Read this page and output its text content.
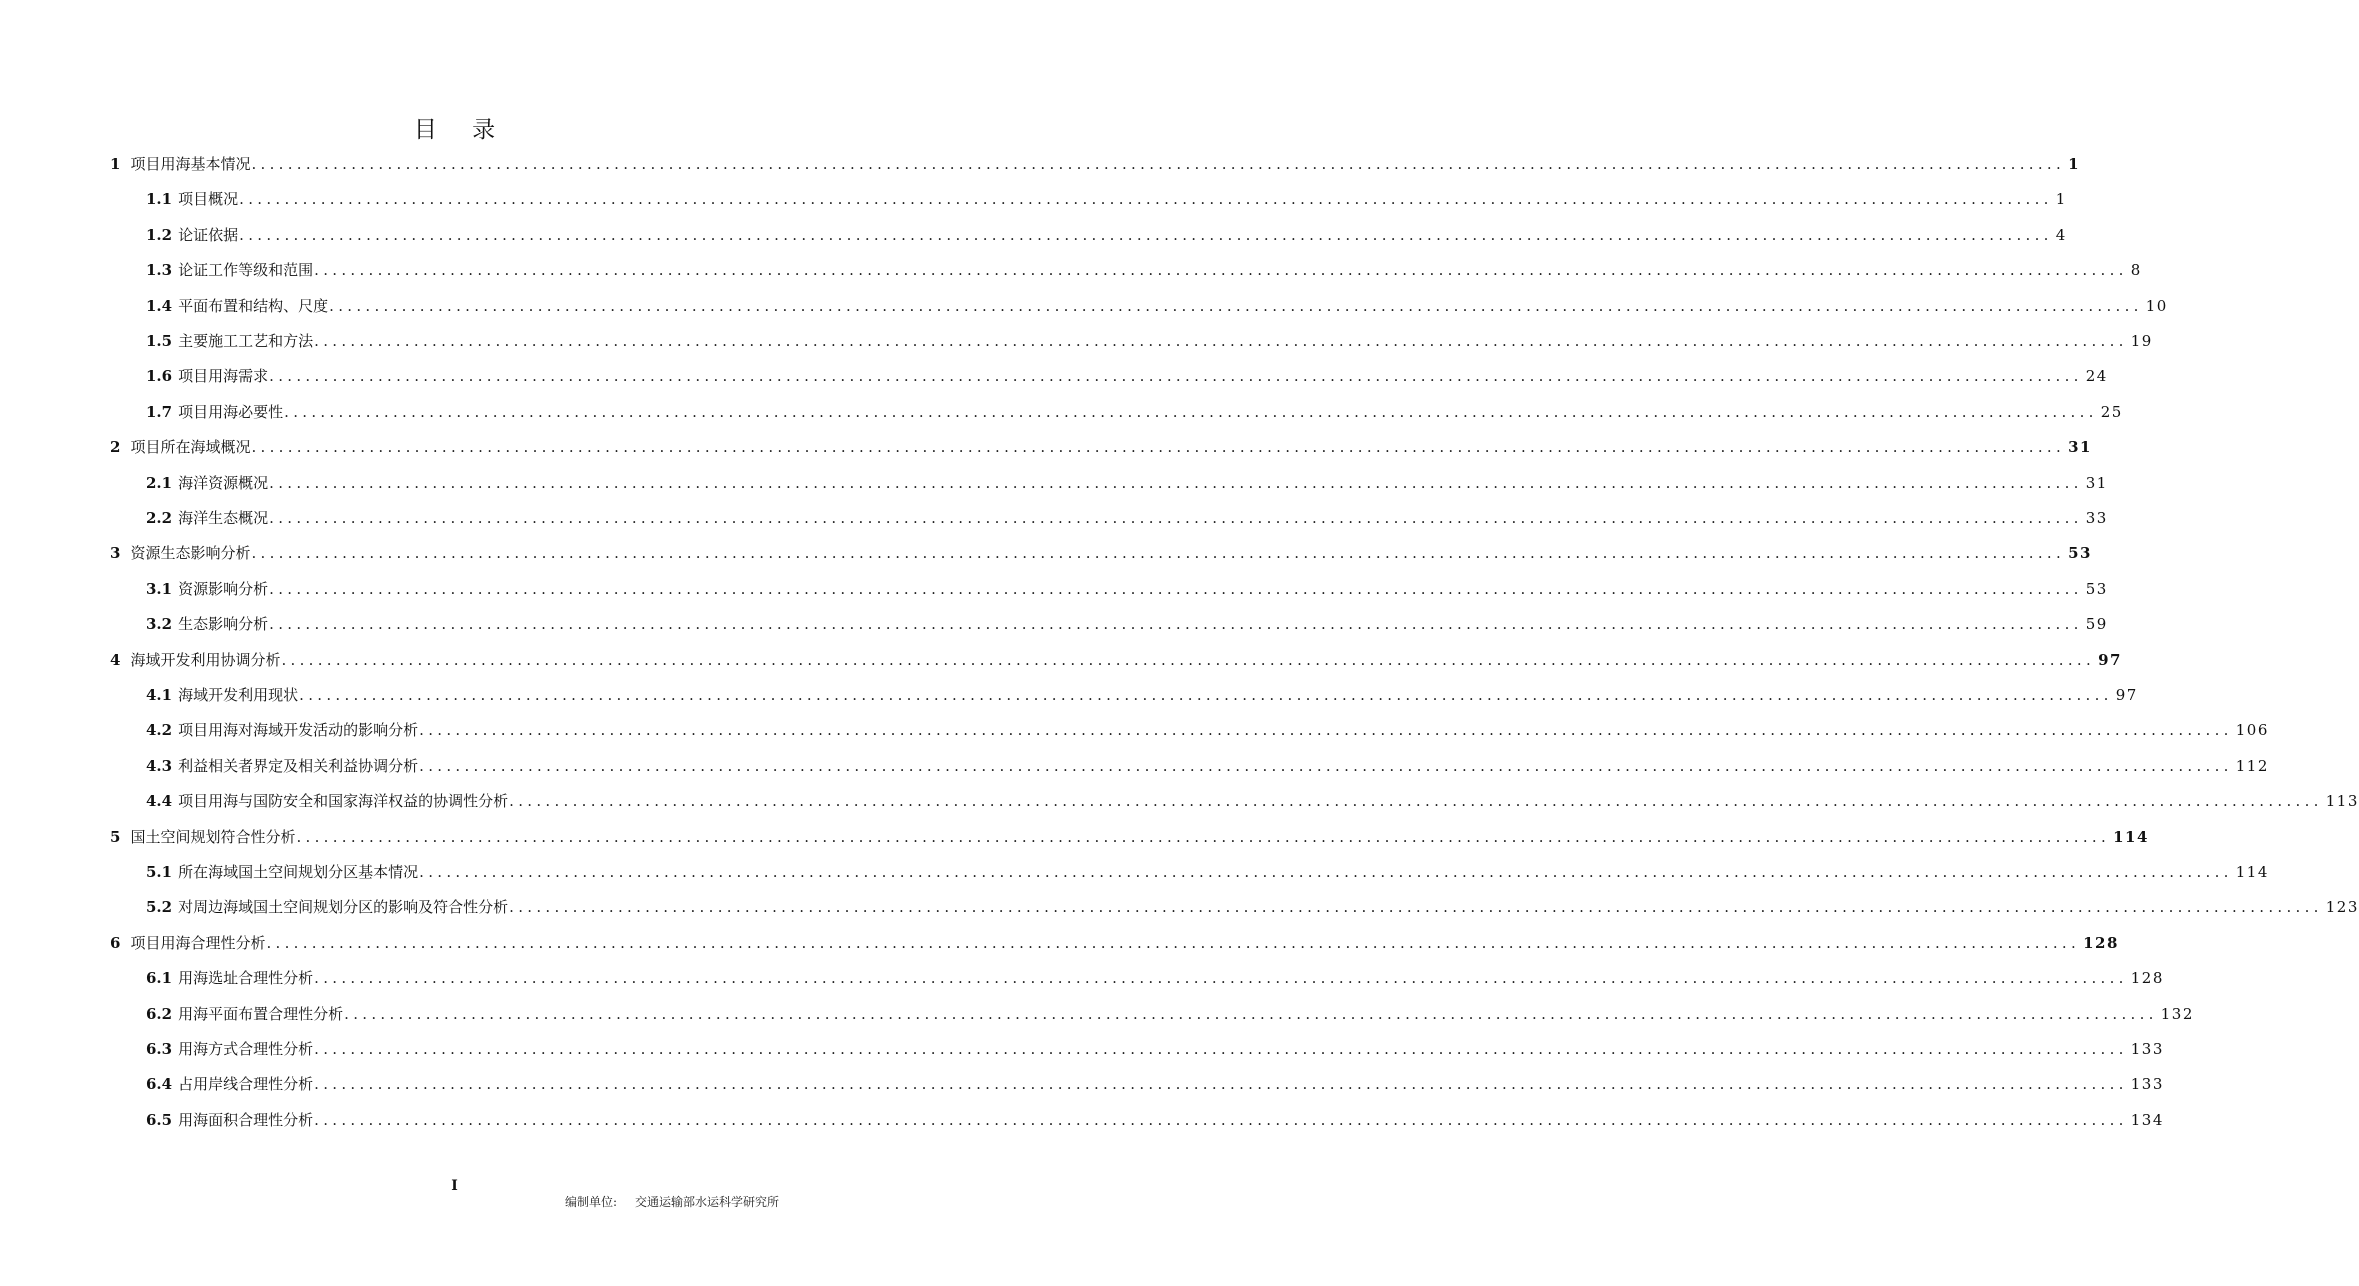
目 录
1 项目用海基本情况 ........................................................................................................................................................................................................ 1
1.1 项目概况 ........................................................................................................................................................................................................ 1
1.2 论证依据 ........................................................................................................................................................................................................ 4
1.3 论证工作等级和范围 ........................................................................................................................................................................................................ 8
1.4 平面布置和结构、尺度 ........................................................................................................................................................................................................ 10
1.5 主要施工工艺和方法 ........................................................................................................................................................................................................ 19
1.6 项目用海需求 ........................................................................................................................................................................................................ 24
1.7 项目用海必要性 ........................................................................................................................................................................................................ 25
2 项目所在海域概况 ........................................................................................................................................................................................................ 31
2.1 海洋资源概况 ........................................................................................................................................................................................................ 31
2.2 海洋生态概况 ........................................................................................................................................................................................................ 33
3 资源生态影响分析 ........................................................................................................................................................................................................ 53
3.1 资源影响分析 ........................................................................................................................................................................................................ 53
3.2 生态影响分析 ........................................................................................................................................................................................................ 59
4 海域开发利用协调分析 ........................................................................................................................................................................................................ 97
4.1 海域开发利用现状 ........................................................................................................................................................................................................ 97
4.2 项目用海对海域开发活动的影响分析 ........................................................................................................................................................................................................ 106
4.3 利益相关者界定及相关利益协调分析 ........................................................................................................................................................................................................ 112
4.4 项目用海与国防安全和国家海洋权益的协调性分析 ........................................................................................................................................................................................................ 113
5 国土空间规划符合性分析 ........................................................................................................................................................................................................ 114
5.1 所在海域国土空间规划分区基本情况 ........................................................................................................................................................................................................ 114
5.2 对周边海域国土空间规划分区的影响及符合性分析 ........................................................................................................................................................................................................ 123
6 项目用海合理性分析 ........................................................................................................................................................................................................ 128
6.1 用海选址合理性分析 ........................................................................................................................................................................................................ 128
6.2 用海平面布置合理性分析 ........................................................................................................................................................................................................ 132
6.3 用海方式合理性分析 ........................................................................................................................................................................................................ 133
6.4 占用岸线合理性分析 ........................................................................................................................................................................................................ 133
6.5 用海面积合理性分析 ........................................................................................................................................................................................................ 134
I
编制单位: 交通运输部水运科学研究所
